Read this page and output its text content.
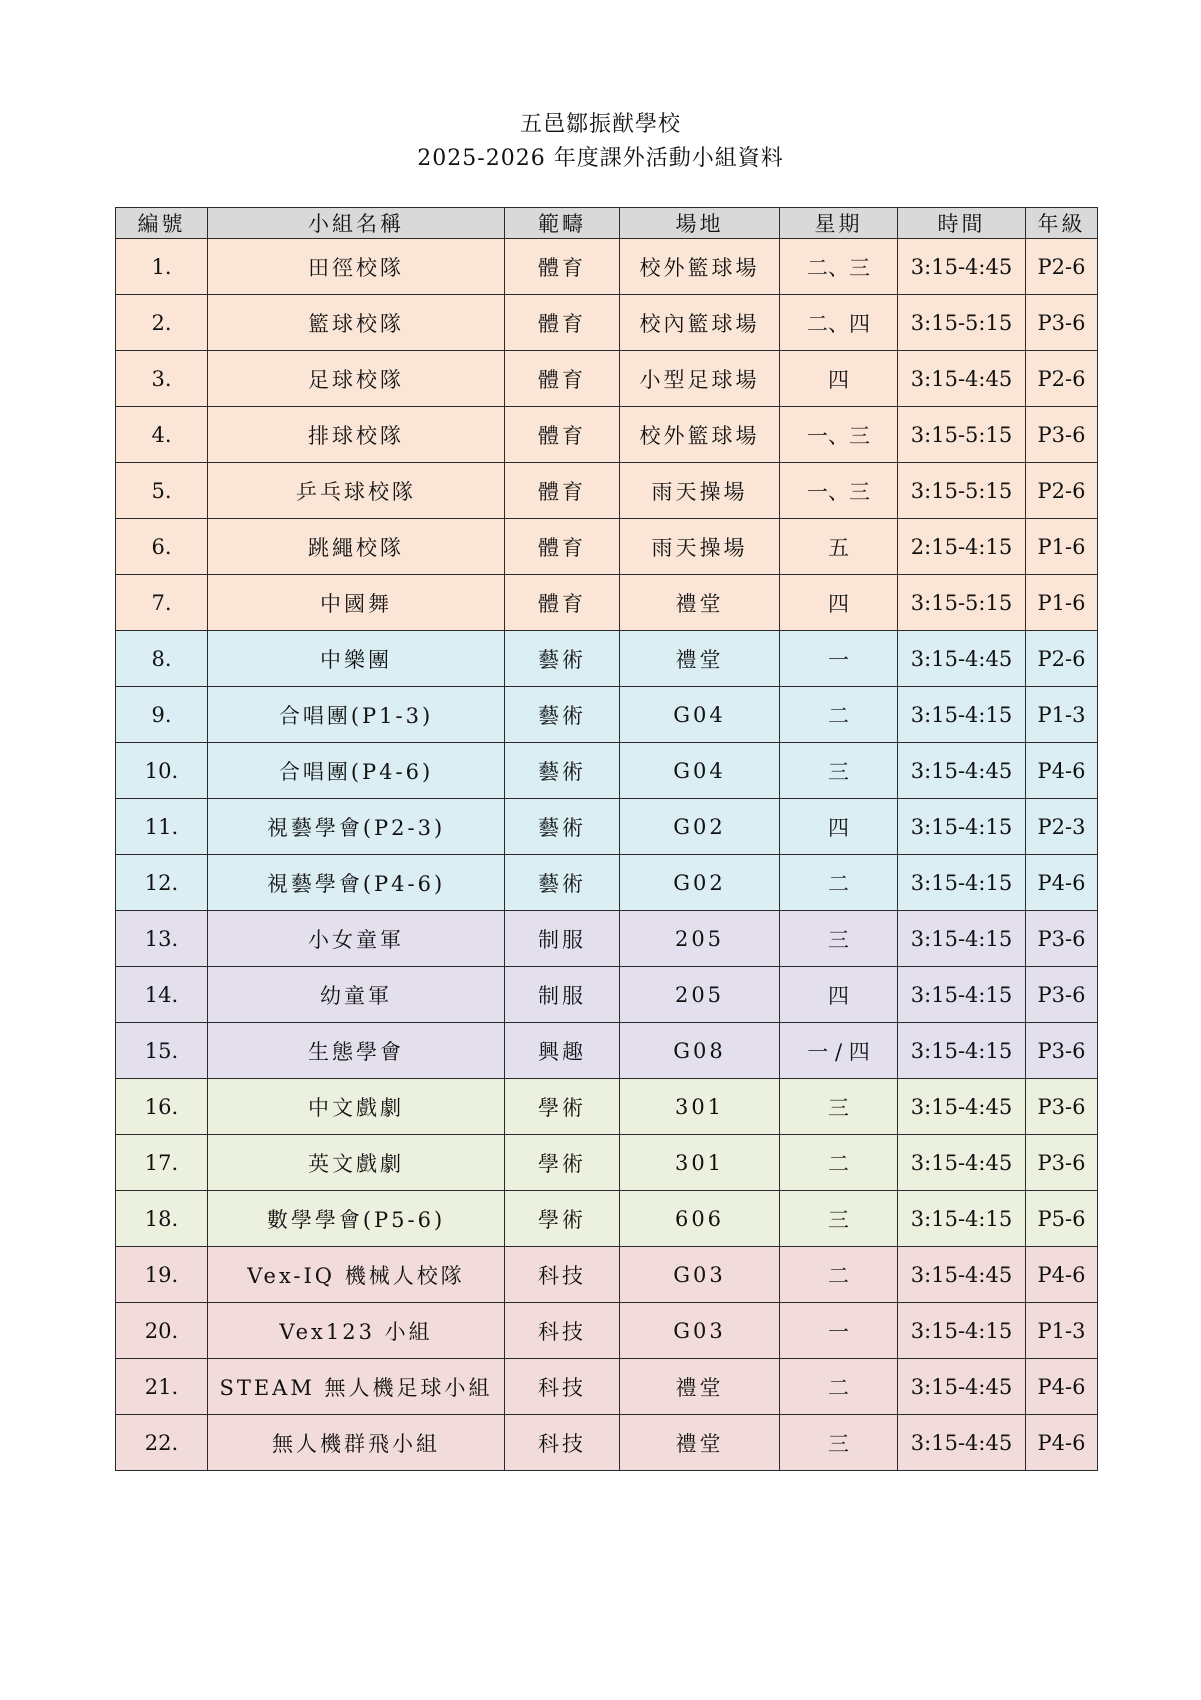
五邑鄒振猷學校
2025-2026 年度課外活動小組資料
編號	小組名稱	範疇	場地	星期	時間	年級
1.	田徑校隊	體育	校外籃球場	二、三	3:15-4:45	P2-6
2.	籃球校隊	體育	校內籃球場	二、四	3:15-5:15	P3-6
3.	足球校隊	體育	小型足球場	四	3:15-4:45	P2-6
4.	排球校隊	體育	校外籃球場	一、三	3:15-5:15	P3-6
5.	乒乓球校隊	體育	雨天操場	一、三	3:15-5:15	P2-6
6.	跳繩校隊	體育	雨天操場	五	2:15-4:15	P1-6
7.	中國舞	體育	禮堂	四	3:15-5:15	P1-6
8.	中樂團	藝術	禮堂	一	3:15-4:45	P2-6
9.	合唱團(P1-3)	藝術	G04	二	3:15-4:15	P1-3
10.	合唱團(P4-6)	藝術	G04	三	3:15-4:45	P4-6
11.	視藝學會(P2-3)	藝術	G02	四	3:15-4:15	P2-3
12.	視藝學會(P4-6)	藝術	G02	二	3:15-4:15	P4-6
13.	小女童軍	制服	205	三	3:15-4:15	P3-6
14.	幼童軍	制服	205	四	3:15-4:15	P3-6
15.	生態學會	興趣	G08	一 / 四	3:15-4:15	P3-6
16.	中文戲劇	學術	301	三	3:15-4:45	P3-6
17.	英文戲劇	學術	301	二	3:15-4:45	P3-6
18.	數學學會(P5-6)	學術	606	三	3:15-4:15	P5-6
19.	Vex-IQ 機械人校隊	科技	G03	二	3:15-4:45	P4-6
20.	Vex123 小組	科技	G03	一	3:15-4:15	P1-3
21.	STEAM 無人機足球小組	科技	禮堂	二	3:15-4:45	P4-6
22.	無人機群飛小組	科技	禮堂	三	3:15-4:45	P4-6
